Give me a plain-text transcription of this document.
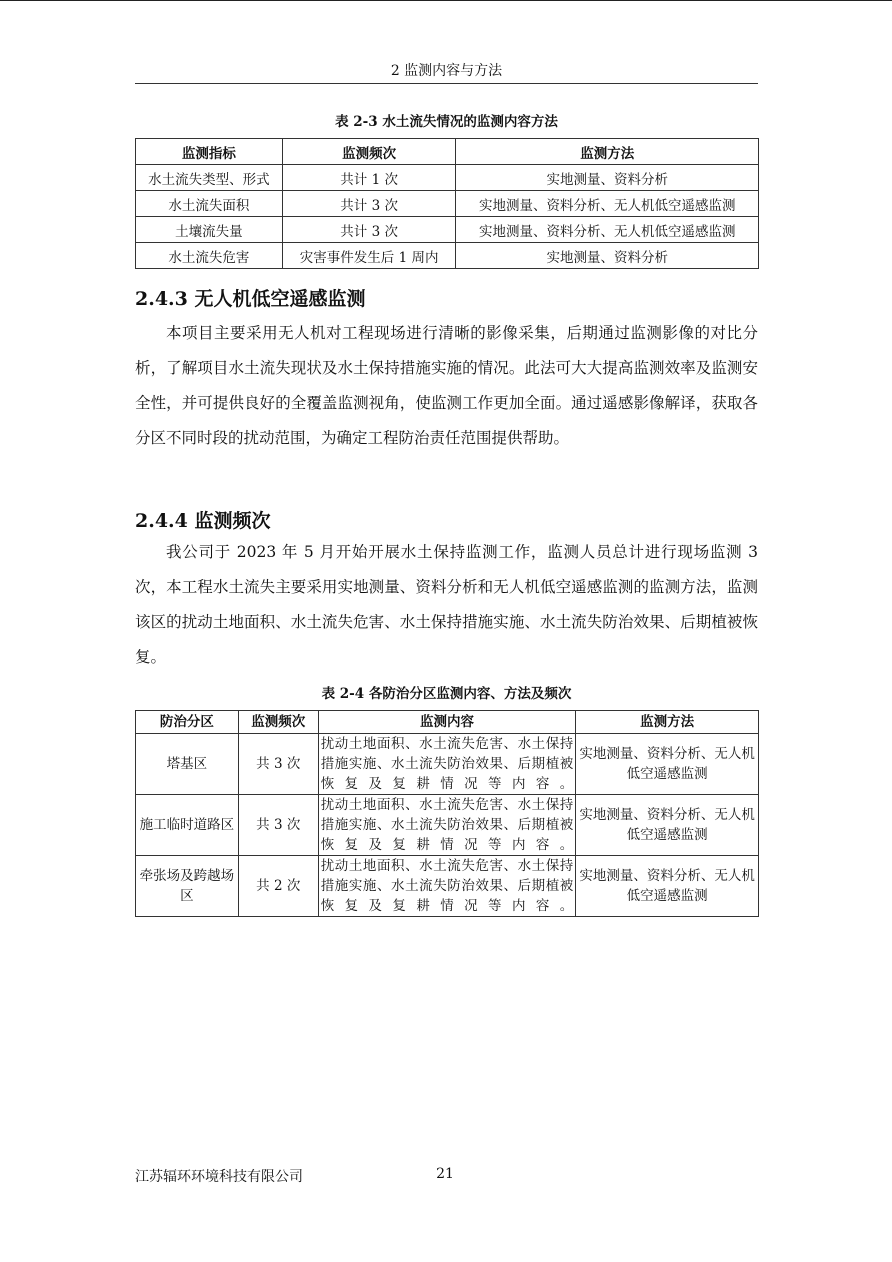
2 监测内容与方法
表 2-3 水土流失情况的监测内容方法
监测指标	监测频次	监测方法
水土流失类型、形式	共计 1 次	实地测量、资料分析
水土流失面积	共计 3 次	实地测量、资料分析、无人机低空遥感监测
土壤流失量	共计 3 次	实地测量、资料分析、无人机低空遥感监测
水土流失危害	灾害事件发生后 1 周内	实地测量、资料分析
2.4.3 无人机低空遥感监测

本项目主要采用无人机对工程现场进行清晰的影像采集，后期通过监测影像的对比分析，了解项目水土流失现状及水土保持措施实施的情况。此法可大大提高监测效率及监测安全性，并可提供良好的全覆盖监测视角，使监测工作更加全面。通过遥感影像解译，获取各分区不同时段的扰动范围，为确定工程防治责任范围提供帮助。

2.4.4 监测频次

我公司于 2023 年 5 月开始开展水土保持监测工作，监测人员总计进行现场监测 3 次，本工程水土流失主要采用实地测量、资料分析和无人机低空遥感监测的监测方法，监测该区的扰动土地面积、水土流失危害、水土保持措施实施、水土流失防治效果、后期植被恢复。

表 2-4 各防治分区监测内容、方法及频次
防治分区	监测频次	监测内容	监测方法
塔基区	共 3 次	扰动土地面积、水土流失危害、水土保持措施实施、水土流失防治效果、后期植被恢复及复耕情况等内容。	实地测量、资料分析、无人机低空遥感监测
施工临时道路区	共 3 次	扰动土地面积、水土流失危害、水土保持措施实施、水土流失防治效果、后期植被恢复及复耕情况等内容。	实地测量、资料分析、无人机低空遥感监测
牵张场及跨越场区	共 2 次	扰动土地面积、水土流失危害、水土保持措施实施、水土流失防治效果、后期植被恢复及复耕情况等内容。	实地测量、资料分析、无人机低空遥感监测
江苏辐环环境科技有限公司	21
